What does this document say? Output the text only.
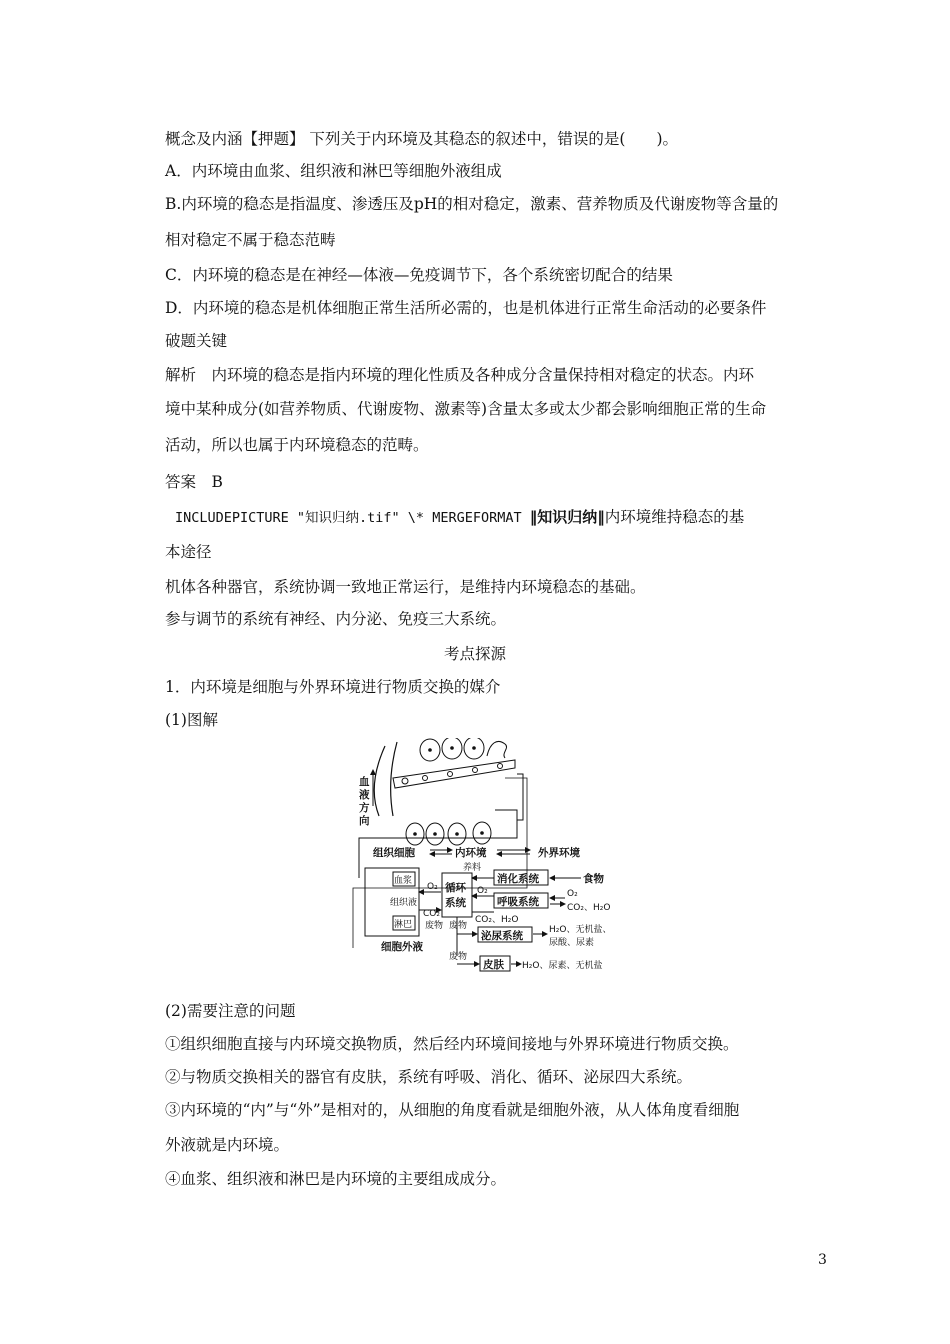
概念及内涵【押题】 下列关于内环境及其稳态的叙述中，错误的是(　　)。
A．内环境由血浆、组织液和淋巴等细胞外液组成
B.内环境的稳态是指温度、渗透压及pH的相对稳定，激素、营养物质及代谢废物等含量的
相对稳定不属于稳态范畴
C．内环境的稳态是在神经—体液—免疫调节下，各个系统密切配合的结果
D．内环境的稳态是机体细胞正常生活所必需的，也是机体进行正常生命活动的必要条件
破题关键
解析　内环境的稳态是指内环境的理化性质及各种成分含量保持相对稳定的状态。内环
境中某种成分(如营养物质、代谢废物、激素等)含量太多或太少都会影响细胞正常的生命
活动，所以也属于内环境稳态的范畴。
答案　B
INCLUDEPICTURE "知识归纳.tif" \* MERGEFORMAT ‖知识归纳‖内环境维持稳态的基
本途径
机体各种器官，系统协调一致地正常运行，是维持内环境稳态的基础。
参与调节的系统有神经、内分泌、免疫三大系统。
考点探源
1．内环境是细胞与外界环境进行物质交换的媒介
(1)图解
血
液
方
向
组织细胞	内环境	外界环境
血浆
组织液
淋巴
细胞外液
O₂
CO₂
废物
循环
系统
养料
消化系统	食物
O₂
呼吸系统
O₂
CO₂、H₂O
CO₂、H₂O
废物
泌尿系统	H₂O、无机盐、
尿酸、尿素
废物
皮肤 H₂O、尿素、无机盐
(2)需要注意的问题
①组织细胞直接与内环境交换物质，然后经内环境间接地与外界环境进行物质交换。
②与物质交换相关的器官有皮肤，系统有呼吸、消化、循环、泌尿四大系统。
③内环境的“内”与“外”是相对的，从细胞的角度看就是细胞外液，从人体角度看细胞
外液就是内环境。
④血浆、组织液和淋巴是内环境的主要组成成分。
3
